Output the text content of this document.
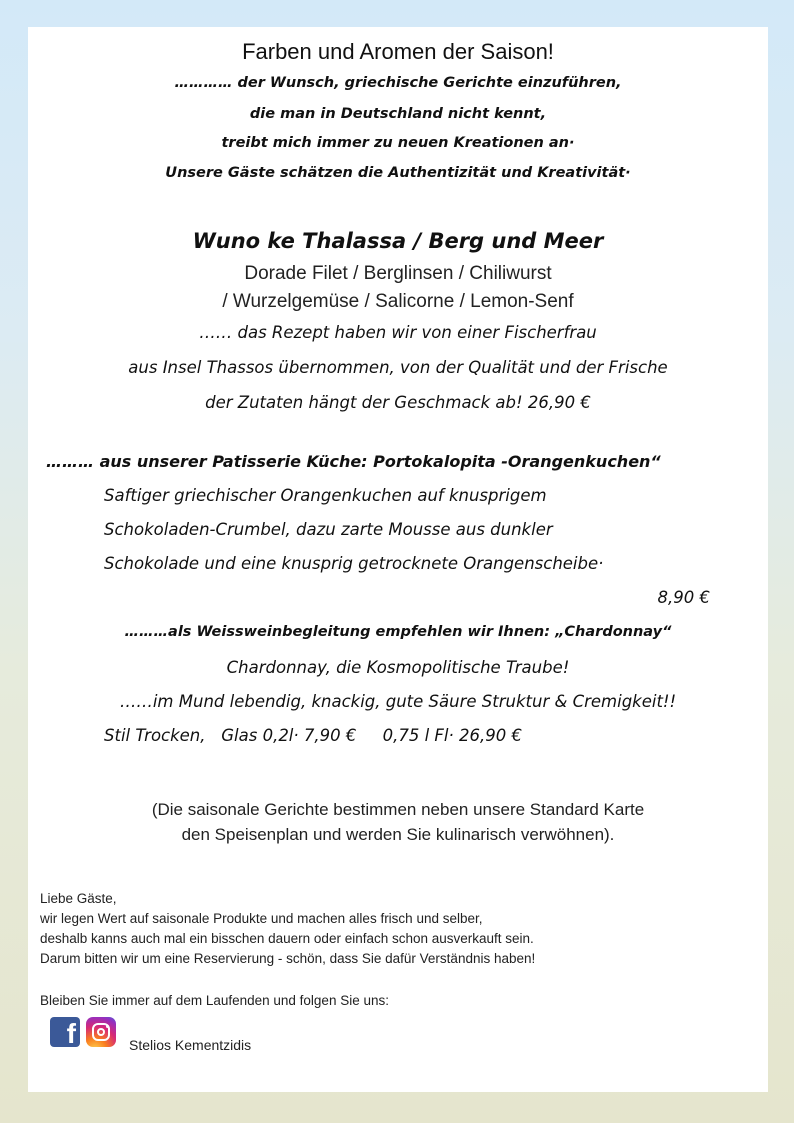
Farben und Aromen der Saison!
………… der Wunsch, griechische Gerichte einzuführen,
die man in Deutschland nicht kennt,
treibt mich immer zu neuen Kreationen an·
Unsere Gäste schätzen die Authentizität und Kreativität·
Wuno ke Thalassa / Berg und Meer
Dorade Filet / Berglinsen / Chiliwurst
/ Wurzelgemüse / Salicorne / Lemon-Senf
…… das Rezept haben wir von einer Fischerfrau
aus Insel Thassos übernommen, von der Qualität und der Frische
der Zutaten hängt der Geschmack ab! 26,90 €
……… aus unserer Patisserie Küche: Portokalopita -Orangenkuchen“
Saftiger griechischer Orangenkuchen auf knusprigem
Schokoladen-Crumbel, dazu zarte Mousse aus dunkler
Schokolade und eine knusprig getrocknete Orangenscheibe·
8,90 €
………als Weissweinbegleitung empfehlen wir Ihnen: „Chardonnay“
Chardonnay, die Kosmopolitische Traube!
……im Mund lebendig, knackig, gute Säure Struktur & Cremigkeit!!
Stil Trocken,   Glas 0,2l· 7,90 €     0,75 l Fl· 26,90 €
(Die saisonale Gerichte bestimmen neben unsere Standard Karte
den Speisenplan und werden Sie kulinarisch verwöhnen).
Liebe Gäste,
wir legen Wert auf saisonale Produkte und machen alles frisch und selber,
deshalb kanns auch mal ein bisschen dauern oder einfach schon ausverkauft sein.
Darum bitten wir um eine Reservierung - schön, dass Sie dafür Verständnis haben!
Bleiben Sie immer auf dem Laufenden und folgen Sie uns:
f	Stelios Kementzidis
